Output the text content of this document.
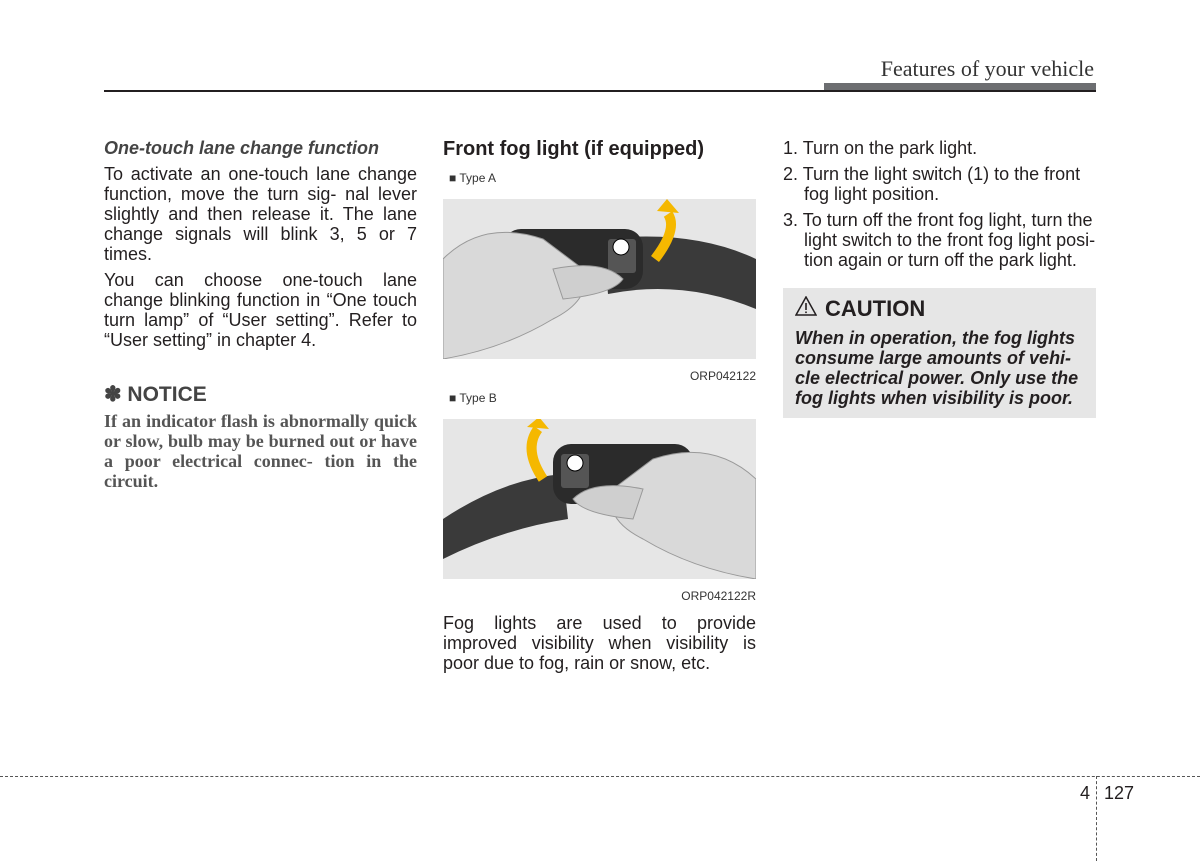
Features of your vehicle

One-touch lane change function

To activate an one-touch lane change function, move the turn sig- nal lever slightly and then release it. The lane change signals will blink 3, 5 or 7 times.

You can choose one-touch lane change blinking function in “One touch turn lamp” of “User setting”. Refer to “User setting” in chapter 4.

✽ NOTICE

If an indicator flash is abnormally quick or slow, bulb may be burned out or have a poor electrical connec- tion in the circuit.

Front fog light (if equipped)
■ Type A
ORP042122
■ Type B
ORP042122R

Fog lights are used to provide improved visibility when visibility is poor due to fog, rain or snow, etc.

1. Turn on the park light.

2. Turn the light switch (1) to the front fog light position.

3. To turn off the front fog light, turn the light switch to the front fog light posi- tion again or turn off the park light.

CAUTION

When in operation, the fog lights consume large amounts of vehi- cle electrical power. Only use the fog lights when visibility is poor.

4 127
